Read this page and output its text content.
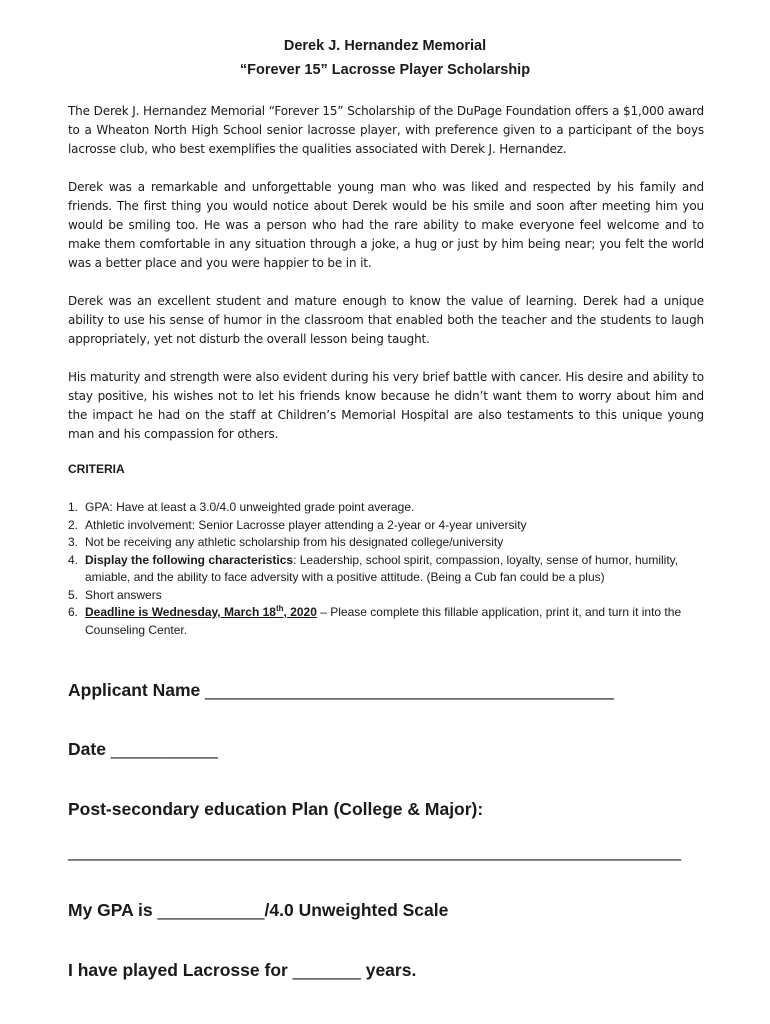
Derek J. Hernandez Memorial
“Forever 15” Lacrosse Player Scholarship

The Derek J. Hernandez Memorial “Forever 15” Scholarship of the DuPage Foundation offers a $1,000 award to a Wheaton North High School senior lacrosse player, with preference given to a participant of the boys lacrosse club, who best exemplifies the qualities associated with Derek J. Hernandez.

Derek was a remarkable and unforgettable young man who was liked and respected by his family and friends. The first thing you would notice about Derek would be his smile and soon after meeting him you would be smiling too. He was a person who had the rare ability to make everyone feel welcome and to make them comfortable in any situation through a joke, a hug or just by him being near; you felt the world was a better place and you were happier to be in it.

Derek was an excellent student and mature enough to know the value of learning. Derek had a unique ability to use his sense of humor in the classroom that enabled both the teacher and the students to laugh appropriately, yet not disturb the overall lesson being taught.

His maturity and strength were also evident during his very brief battle with cancer. His desire and ability to stay positive, his wishes not to let his friends know because he didn’t want them to worry about him and the impact he had on the staff at Children’s Memorial Hospital are also testaments to this unique young man and his compassion for others.

CRITERIA
1. GPA: Have at least a 3.0/4.0 unweighted grade point average.
2. Athletic involvement: Senior Lacrosse player attending a 2-year or 4-year university
3. Not be receiving any athletic scholarship from his designated college/university
4. Display the following characteristics: Leadership, school spirit, compassion, loyalty, sense of humor, humility, amiable, and the ability to face adversity with a positive attitude. (Being a Cub fan could be a plus)
5. Short answers
6. Deadline is Wednesday, March 18th, 2020 – Please complete this fillable application, print it, and turn it into the Counseling Center.
Applicant Name __________________________________________
Date ___________
Post-secondary education Plan (College & Major):
_______________________________________________________________
My GPA is ___________/4.0 Unweighted Scale
I have played Lacrosse for _______ years.
